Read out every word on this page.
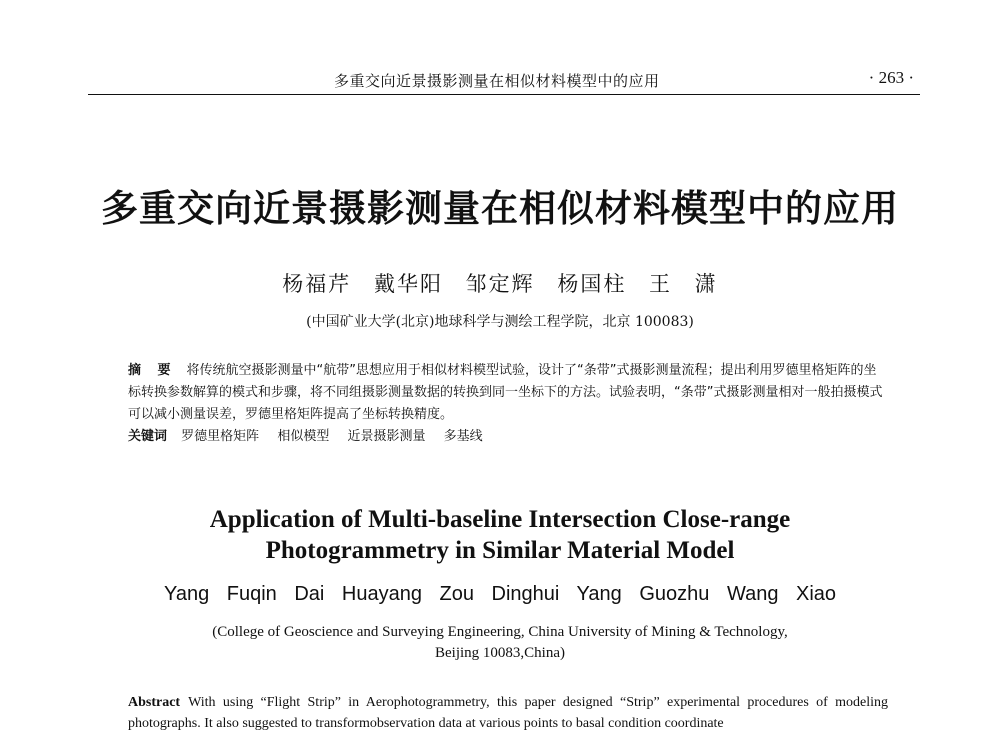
多重交向近景摄影测量在相似材料模型中的应用	· 263 ·
多重交向近景摄影测量在相似材料模型中的应用
杨福芹 戴华阳 邹定辉 杨国柱 王 潇
(中国矿业大学(北京)地球科学与测绘工程学院，北京 100083)
摘 要 将传统航空摄影测量中“航带”思想应用于相似材料模型试验，设计了“条带”式摄影测量流程；提出利用罗德里格矩阵的坐标转换参数解算的模式和步骤，将不同组摄影测量数据的转换到同一坐标下的方法。试验表明，“条带”式摄影测量相对一般拍摄模式可以减小测量误差，罗德里格矩阵提高了坐标转换精度。
关键词 罗德里格矩阵 相似模型 近景摄影测量 多基线
Application of Multi-baseline Intersection Close-range
Photogrammetry in Similar Material Model
Yang Fuqin Dai Huayang Zou Dinghui Yang Guozhu Wang Xiao
(College of Geoscience and Surveying Engineering, China University of Mining & Technology,
Beijing 10083,China)
Abstract With using “Flight Strip” in Aerophotogrammetry, this paper designed “Strip” experimental procedures of modeling photographs. It also suggested to transformobservation data at various points to basal condition coordinate
